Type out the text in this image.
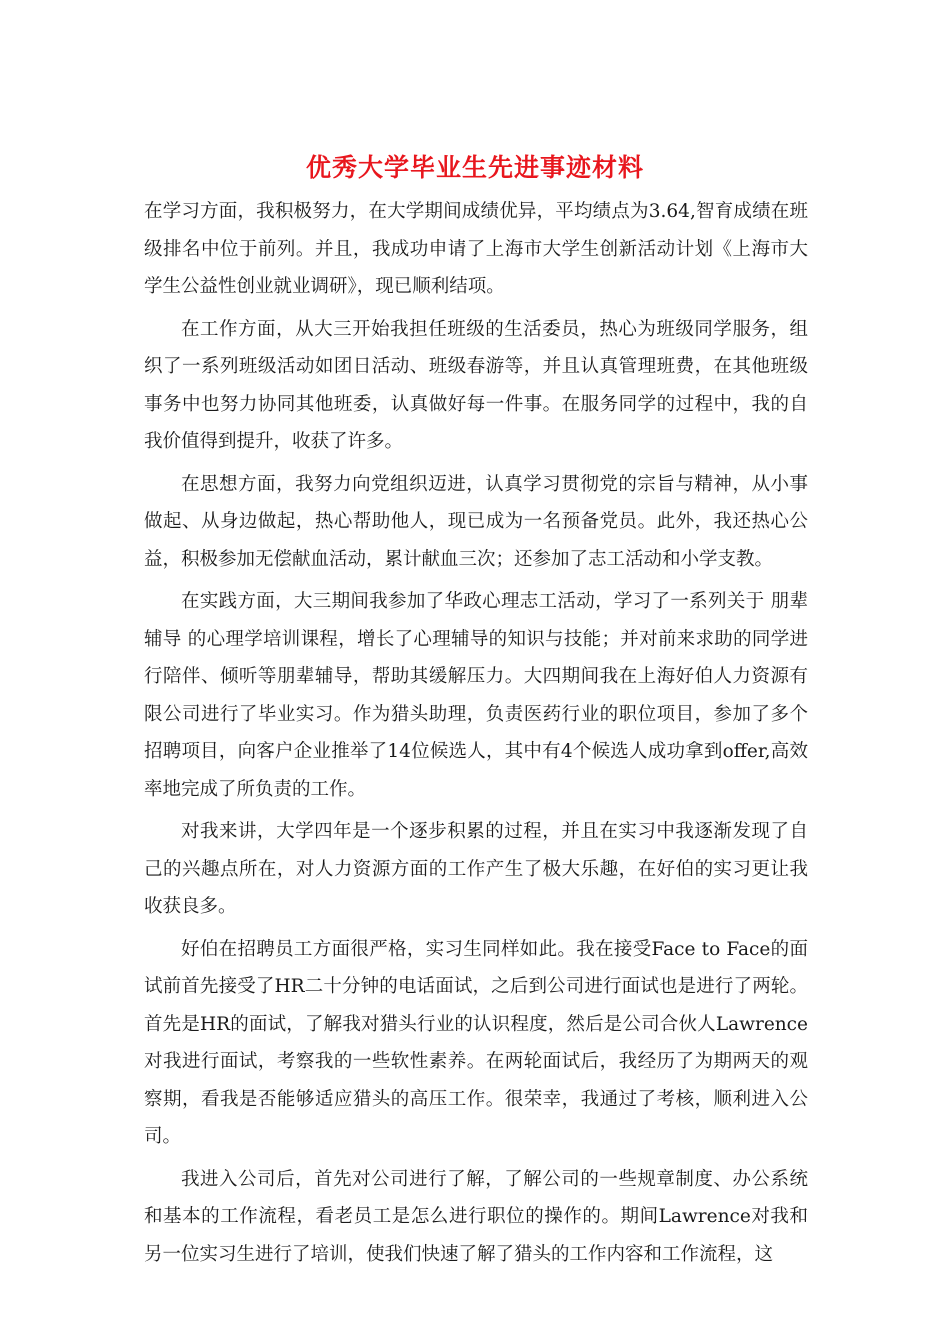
优秀大学毕业生先进事迹材料

在学习方面，我积极努力，在大学期间成绩优异，平均绩点为3.64,智育成绩在班级排名中位于前列。并且，我成功申请了上海市大学生创新活动计划《上海市大学生公益性创业就业调研》，现已顺利结项。

在工作方面，从大三开始我担任班级的生活委员，热心为班级同学服务，组织了一系列班级活动如团日活动、班级春游等，并且认真管理班费，在其他班级事务中也努力协同其他班委，认真做好每一件事。在服务同学的过程中，我的自我价值得到提升，收获了许多。

在思想方面，我努力向党组织迈进，认真学习贯彻党的宗旨与精神，从小事做起、从身边做起，热心帮助他人，现已成为一名预备党员。此外，我还热心公益，积极参加无偿献血活动，累计献血三次；还参加了志工活动和小学支教。

在实践方面，大三期间我参加了华政心理志工活动，学习了一系列关于 朋辈辅导 的心理学培训课程，增长了心理辅导的知识与技能；并对前来求助的同学进行陪伴、倾听等朋辈辅导，帮助其缓解压力。大四期间我在上海好伯人力资源有限公司进行了毕业实习。作为猎头助理，负责医药行业的职位项目，参加了多个招聘项目，向客户企业推举了14位候选人，其中有4个候选人成功拿到offer,高效率地完成了所负责的工作。

对我来讲，大学四年是一个逐步积累的过程，并且在实习中我逐渐发现了自己的兴趣点所在，对人力资源方面的工作产生了极大乐趣，在好伯的实习更让我收获良多。

好伯在招聘员工方面很严格，实习生同样如此。我在接受Face to Face的面试前首先接受了HR二十分钟的电话面试，之后到公司进行面试也是进行了两轮。首先是HR的面试，了解我对猎头行业的认识程度，然后是公司合伙人Lawrence对我进行面试，考察我的一些软性素养。在两轮面试后，我经历了为期两天的观察期，看我是否能够适应猎头的高压工作。很荣幸，我通过了考核，顺利进入公司。

我进入公司后，首先对公司进行了解，了解公司的一些规章制度、办公系统和基本的工作流程，看老员工是怎么进行职位的操作的。期间Lawrence对我和另一位实习生进行了培训，使我们快速了解了猎头的工作内容和工作流程，这
